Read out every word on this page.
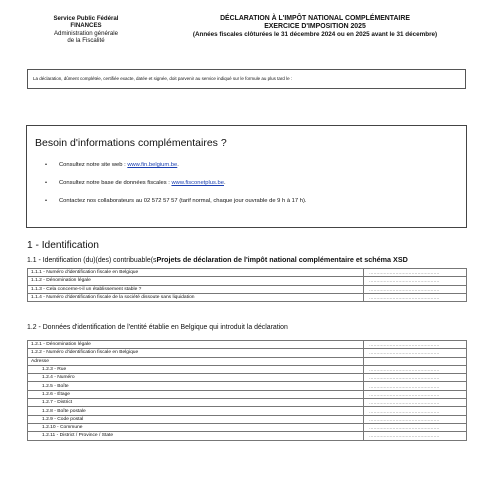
Service Public Fédéral
FINANCES
Administration générale
de la Fiscalité
DÉCLARATION À L'IMPÔT NATIONAL COMPLÉMENTAIRE
EXERCICE D'IMPOSITION 2025
(Années fiscales clôturées le 31 décembre 2024 ou en 2025 avant le 31 décembre)
La déclaration, dûment complétée, certifiée exacte, datée et signée, doit parvenir au service indiqué sur le formule au plus tard le :
Besoin d'informations complémentaires ?
• Consultez notre site web : www.fin.belgium.be.
• Consultez notre base de données fiscales : www.fisconetplus.be.
• Contactez nos collaborateurs au 02 572 57 57 (tarif normal, chaque jour ouvrable de 9 h à 17 h).
1 - Identification
1.1 - Identification (du)(des) contribuable(sProjets de déclaration de l'impôt national complémentaire et schéma XSD
1.1.1 - Numéro d'identification fiscale en Belgique	…………………………………………
1.1.2 - Dénomination légale	…………………………………………
1.1.3 - Cela concerne-t-il un établissement stable ?	…………………………………………
1.1.4 - Numéro d'identification fiscale de la société dissoute sans liquidation	…………………………………………
1.2 - Données d'identification de l'entité établie en Belgique qui introduit la déclaration
1.2.1 - Dénomination légale	…………………………………………
1.2.2 - Numéro d'identification fiscale en Belgique	…………………………………………
Adresse	
1.2.3 - Rue	…………………………………………
1.2.4 - Numéro	…………………………………………
1.2.5 - Boîte	…………………………………………
1.2.6 - Étage	…………………………………………
1.2.7 - District	…………………………………………
1.2.8 - Boîte postale	…………………………………………
1.2.9 - Code postal	…………………………………………
1.2.10 - Commune	…………………………………………
1.2.11 - District / Province / State	…………………………………………
